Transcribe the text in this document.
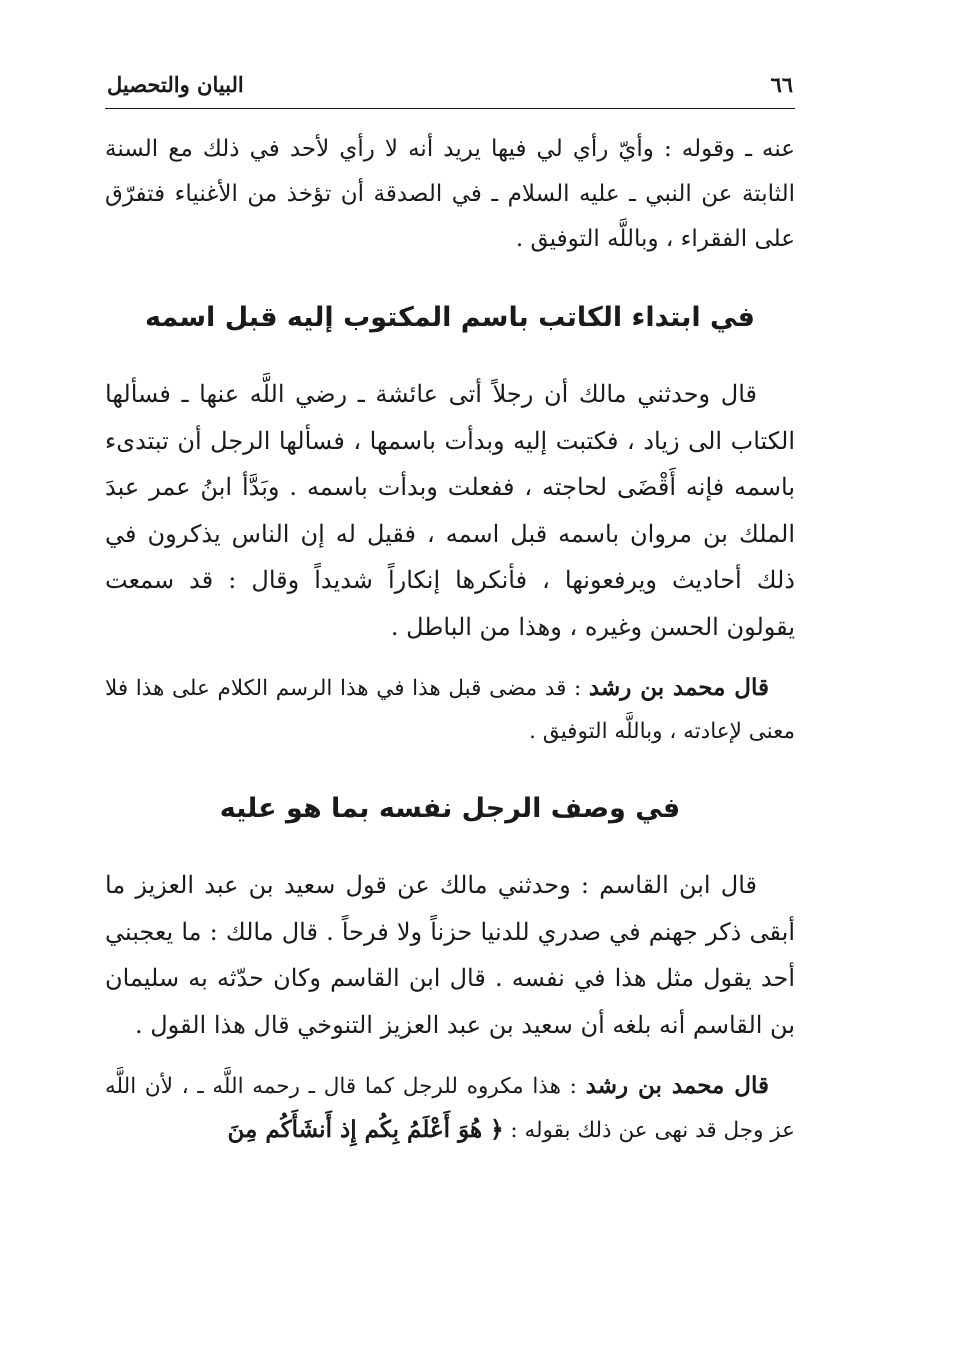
٦٦
البيان والتحصيل

عنه ـ وقوله : وأيّ رأي لي فيها يريد أنه لا رأي لأحد في ذلك مع السنة الثابتة عن النبي ـ عليه السلام ـ في الصدقة أن تؤخذ من الأغنياء فتفرّق على الفقراء ، وباللَّه التوفيق .

في ابتداء الكاتب باسم المكتوب إليه قبل اسمه

قال وحدثني مالك أن رجلاً أتى عائشة ـ رضي اللَّه عنها ـ فسألها الكتاب الى زياد ، فكتبت إليه وبدأت باسمها ، فسألها الرجل أن تبتدىء باسمه فإنه أَقْضَى لحاجته ، ففعلت وبدأت باسمه . وبَدَّأ ابنُ عمر عبدَ الملك بن مروان باسمه قبل اسمه ، فقيل له إن الناس يذكرون في ذلك أحاديث ويرفعونها ، فأنكرها إنكاراً شديداً وقال : قد سمعت يقولون الحسن وغيره ، وهذا من الباطل .

قال محمد بن رشد : قد مضى قبل هذا في هذا الرسم الكلام على هذا فلا معنى لإعادته ، وباللَّه التوفيق .

في وصف الرجل نفسه بما هو عليه

قال ابن القاسم : وحدثني مالك عن قول سعيد بن عبد العزيز ما أبقى ذكر جهنم في صدري للدنيا حزناً ولا فرحاً . قال مالك : ما يعجبني أحد يقول مثل هذا في نفسه . قال ابن القاسم وكان حدّثه به سليمان بن القاسم أنه بلغه أن سعيد بن عبد العزيز التنوخي قال هذا القول .

قال محمد بن رشد : هذا مكروه للرجل كما قال ـ رحمه اللَّه ـ ، لأن اللَّه عز وجل قد نهى عن ذلك بقوله : ﴿ هُوَ أَعْلَمُ بِكُم إِذ أَنشَأَكُم مِنَ
